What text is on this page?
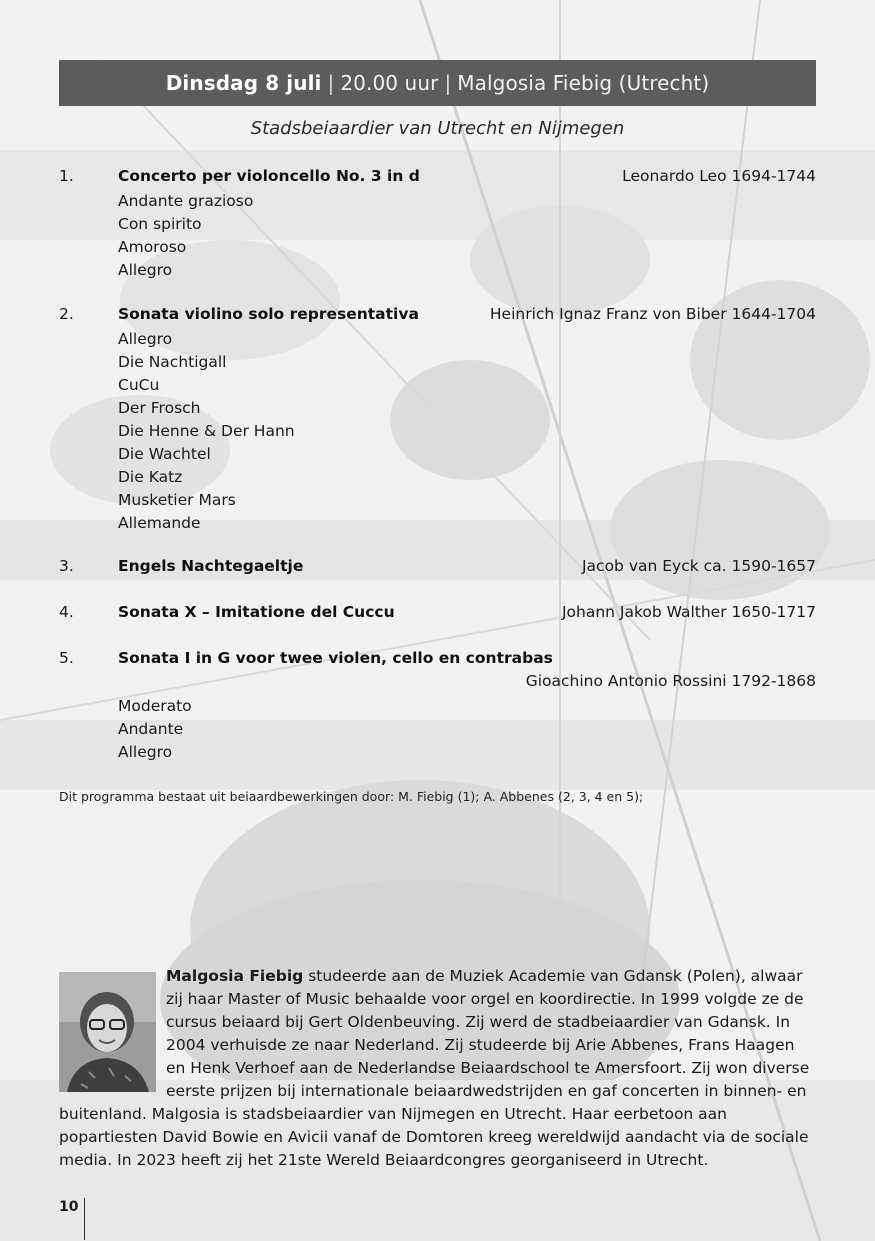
Dinsdag 8 juli | 20.00 uur | Malgosia Fiebig (Utrecht)
Stadsbeiaardier van Utrecht en Nijmegen
1.	Concerto per violoncello No. 3 in d	Leonardo Leo 1694-1744
Andante grazioso
Con spirito
Amoroso
Allegro
2.	Sonata violino solo representativa	Heinrich Ignaz Franz von Biber 1644-1704
Allegro
Die Nachtigall
CuCu
Der Frosch
Die Henne & Der Hann
Die Wachtel
Die Katz
Musketier Mars
Allemande
3.	Engels Nachtegaeltje	Jacob van Eyck ca. 1590-1657
4.	Sonata X – Imitatione del Cuccu	Johann Jakob Walther 1650-1717
5.	Sonata I in G voor twee violen, cello en contrabas
Gioachino Antonio Rossini 1792-1868
Moderato
Andante
Allegro
Dit programma bestaat uit beiaardbewerkingen door: M. Fiebig (1); A. Abbenes (2, 3, 4 en 5);
Malgosia Fiebig studeerde aan de Muziek Academie van Gdansk (Polen), alwaar zij haar Master of Music behaalde voor orgel en koordirectie. In 1999 volgde ze de cursus beiaard bij Gert Oldenbeuving. Zij werd de stadbeiaardier van Gdansk. In 2004 verhuisde ze naar Nederland. Zij studeerde bij Arie Abbenes, Frans Haagen en Henk Verhoef aan de Nederlandse Beiaardschool te Amersfoort. Zij won diverse eerste prijzen bij internationale beiaardwedstrijden en gaf concerten in binnen- en buitenland. Malgosia is stadsbeiaardier van Nijmegen en Utrecht. Haar eerbetoon aan popartiesten David Bowie en Avicii vanaf de Domtoren kreeg wereldwijd aandacht via de sociale media. In 2023 heeft zij het 21ste Wereld Beiaardcongres georganiseerd in Utrecht.
10
